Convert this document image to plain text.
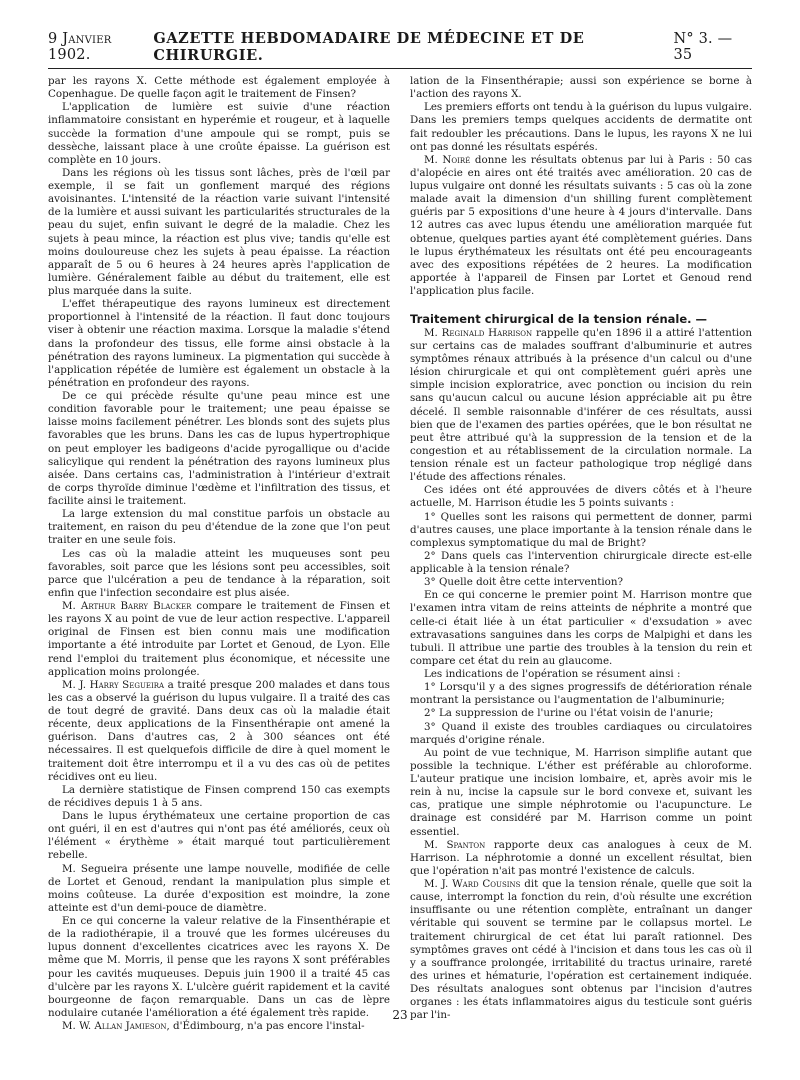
9 Janvier 1902.
GAZETTE HEBDOMADAIRE DE MÉDECINE ET DE CHIRURGIE.
N° 3. — 35

par les rayons X. Cette méthode est également employée à Copenhague. De quelle façon agit le traitement de Finsen?

L'application de lumière est suivie d'une réaction inflammatoire consistant en hyperémie et rougeur, et à laquelle succède la formation d'une ampoule qui se rompt, puis se dessèche, laissant place à une croûte épaisse. La guérison est complète en 10 jours.

Dans les régions où les tissus sont lâches, près de l'œil par exemple, il se fait un gonflement marqué des régions avoisinantes. L'intensité de la réaction varie suivant l'intensité de la lumière et aussi suivant les particularités structurales de la peau du sujet, enfin suivant le degré de la maladie. Chez les sujets à peau mince, la réaction est plus vive; tandis qu'elle est moins douloureuse chez les sujets à peau épaisse. La réaction apparaît de 5 ou 6 heures à 24 heures après l'application de lumière. Généralement faible au début du traitement, elle est plus marquée dans la suite.

L'effet thérapeutique des rayons lumineux est directement proportionnel à l'intensité de la réaction. Il faut donc toujours viser à obtenir une réaction maxima. Lorsque la maladie s'étend dans la profondeur des tissus, elle forme ainsi obstacle à la pénétration des rayons lumineux. La pigmentation qui succède à l'application répétée de lumière est également un obstacle à la pénétration en profondeur des rayons.

De ce qui précède résulte qu'une peau mince est une condition favorable pour le traitement; une peau épaisse se laisse moins facilement pénétrer. Les blonds sont des sujets plus favorables que les bruns. Dans les cas de lupus hypertrophique on peut employer les badigeons d'acide pyrogallique ou d'acide salicylique qui rendent la pénétration des rayons lumineux plus aisée. Dans certains cas, l'administration à l'intérieur d'extrait de corps thyroïde diminue l'œdème et l'infiltration des tissus, et facilite ainsi le traitement.

La large extension du mal constitue parfois un obstacle au traitement, en raison du peu d'étendue de la zone que l'on peut traiter en une seule fois.

Les cas où la maladie atteint les muqueuses sont peu favorables, soit parce que les lésions sont peu accessibles, soit parce que l'ulcération a peu de tendance à la réparation, soit enfin que l'infection secondaire est plus aisée.

M. Arthur Barry Blacker compare le traitement de Finsen et les rayons X au point de vue de leur action respective. L'appareil original de Finsen est bien connu mais une modification importante a été introduite par Lortet et Genoud, de Lyon. Elle rend l'emploi du traitement plus économique, et nécessite une application moins prolongée.

M. J. Harry Segueira a traité presque 200 malades et dans tous les cas a observé la guérison du lupus vulgaire. Il a traité des cas de tout degré de gravité. Dans deux cas où la maladie était récente, deux applications de la Finsenthérapie ont amené la guérison. Dans d'autres cas, 2 à 300 séances ont été nécessaires. Il est quelquefois difficile de dire à quel moment le traitement doit être interrompu et il a vu des cas où de petites récidives ont eu lieu.

La dernière statistique de Finsen comprend 150 cas exempts de récidives depuis 1 à 5 ans.

Dans le lupus érythémateux une certaine proportion de cas ont guéri, il en est d'autres qui n'ont pas été améliorés, ceux où l'élément « érythème » était marqué tout particulièrement rebelle.

M. Segueira présente une lampe nouvelle, modifiée de celle de Lortet et Genoud, rendant la manipulation plus simple et moins coûteuse. La durée d'exposition est moindre, la zone atteinte est d'un demi-pouce de diamètre.

En ce qui concerne la valeur relative de la Finsenthérapie et de la radiothérapie, il a trouvé que les formes ulcéreuses du lupus donnent d'excellentes cicatrices avec les rayons X. De même que M. Morris, il pense que les rayons X sont préférables pour les cavités muqueuses. Depuis juin 1900 il a traité 45 cas d'ulcère par les rayons X. L'ulcère guérit rapidement et la cavité bourgeonne de façon remarquable. Dans un cas de lèpre nodulaire cutanée l'amélioration a été également très rapide.

M. W. Allan Jamieson, d'Édimbourg, n'a pas encore l'instal-

lation de la Finsenthérapie; aussi son expérience se borne à l'action des rayons X.

Les premiers efforts ont tendu à la guérison du lupus vulgaire. Dans les premiers temps quelques accidents de dermatite ont fait redoubler les précautions. Dans le lupus, les rayons X ne lui ont pas donné les résultats espérés.

M. Noiré donne les résultats obtenus par lui à Paris : 50 cas d'alopécie en aires ont été traités avec amélioration. 20 cas de lupus vulgaire ont donné les résultats suivants : 5 cas où la zone malade avait la dimension d'un shilling furent complètement guéris par 5 expositions d'une heure à 4 jours d'intervalle. Dans 12 autres cas avec lupus étendu une amélioration marquée fut obtenue, quelques parties ayant été complètement guéries. Dans le lupus érythémateux les résultats ont été peu encourageants avec des expositions répétées de 2 heures. La modification apportée à l'appareil de Finsen par Lortet et Genoud rend l'application plus facile.

Traitement chirurgical de la tension rénale. —

M. Reginald Harrison rappelle qu'en 1896 il a attiré l'attention sur certains cas de malades souffrant d'albuminurie et autres symptômes rénaux attribués à la présence d'un calcul ou d'une lésion chirurgicale et qui ont complètement guéri après une simple incision exploratrice, avec ponction ou incision du rein sans qu'aucun calcul ou aucune lésion appréciable ait pu être décelé. Il semble raisonnable d'inférer de ces résultats, aussi bien que de l'examen des parties opérées, que le bon résultat ne peut être attribué qu'à la suppression de la tension et de la congestion et au rétablissement de la circulation normale. La tension rénale est un facteur pathologique trop négligé dans l'étude des affections rénales.

Ces idées ont été approuvées de divers côtés et à l'heure actuelle, M. Harrison étudie les 5 points suivants :

1° Quelles sont les raisons qui permettent de donner, parmi d'autres causes, une place importante à la tension rénale dans le complexus symptomatique du mal de Bright?

2° Dans quels cas l'intervention chirurgicale directe est-elle applicable à la tension rénale?

3° Quelle doit être cette intervention?

En ce qui concerne le premier point M. Harrison montre que l'examen intra vitam de reins atteints de néphrite a montré que celle-ci était liée à un état particulier « d'exsudation » avec extravasations sanguines dans les corps de Malpighi et dans les tubuli. Il attribue une partie des troubles à la tension du rein et compare cet état du rein au glaucome.

Les indications de l'opération se résument ainsi :

1° Lorsqu'il y a des signes progressifs de détérioration rénale montrant la persistance ou l'augmentation de l'albuminurie;

2° La suppression de l'urine ou l'état voisin de l'anurie;

3° Quand il existe des troubles cardiaques ou circulatoires marqués d'origine rénale.

Au point de vue technique, M. Harrison simplifie autant que possible la technique. L'éther est préférable au chloroforme. L'auteur pratique une incision lombaire, et, après avoir mis le rein à nu, incise la capsule sur le bord convexe et, suivant les cas, pratique une simple néphrotomie ou l'acupuncture. Le drainage est considéré par M. Harrison comme un point essentiel.

M. Spanton rapporte deux cas analogues à ceux de M. Harrison. La néphrotomie a donné un excellent résultat, bien que l'opération n'ait pas montré l'existence de calculs.

M. J. Ward Cousins dit que la tension rénale, quelle que soit la cause, interrompt la fonction du rein, d'où résulte une excrétion insuffisante ou une rétention complète, entraînant un danger véritable qui souvent se termine par le collapsus mortel. Le traitement chirurgical de cet état lui paraît rationnel. Des symptômes graves ont cédé à l'incision et dans tous les cas où il y a souffrance prolongée, irritabilité du tractus urinaire, rareté des urines et hématurie, l'opération est certainement indiquée. Des résultats analogues sont obtenus par l'incision d'autres organes : les états inflammatoires aigus du testicule sont guéris par l'in-

23
